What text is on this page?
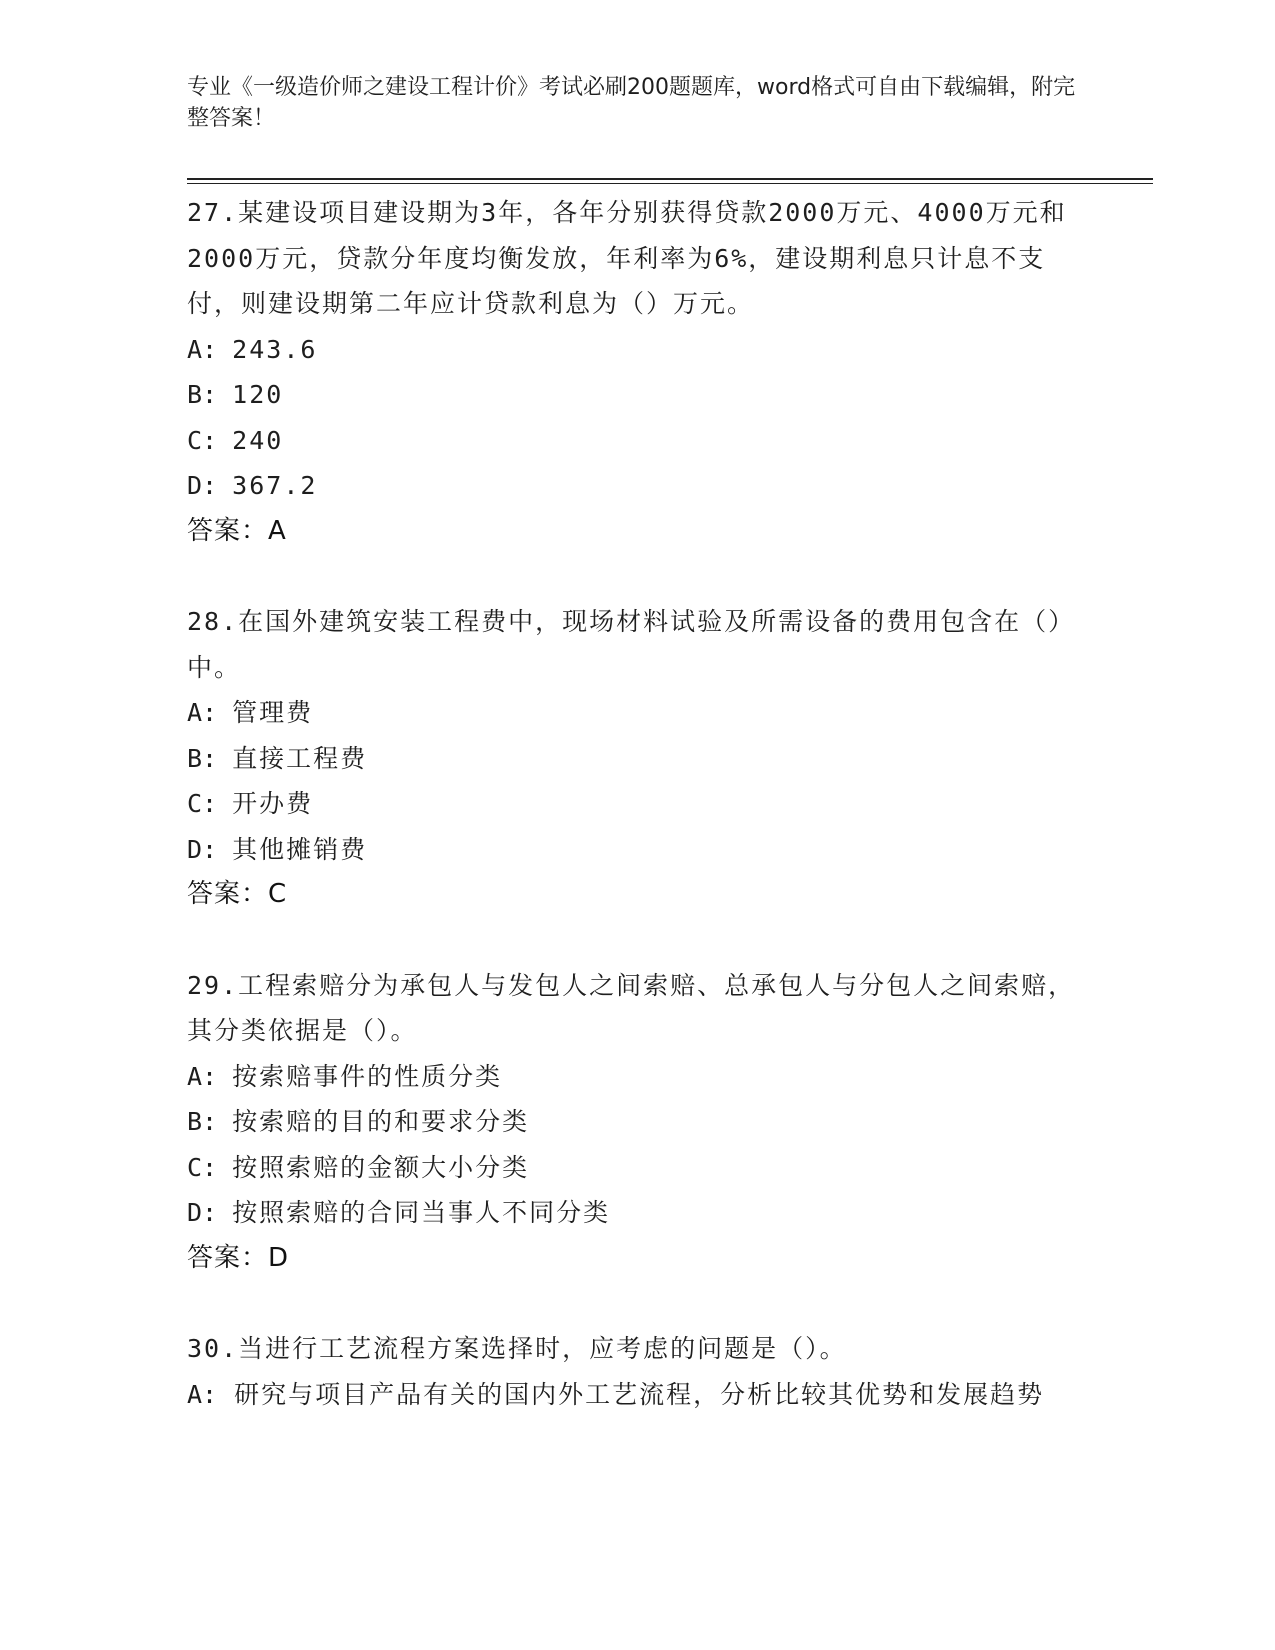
专业《一级造价师之建设工程计价》考试必刷200题题库，word格式可自由下载编辑，附完整答案！
27.某建设项目建设期为3年，各年分别获得贷款2000万元、4000万元和2000万元，贷款分年度均衡发放，年利率为6%，建设期利息只计息不支付，则建设期第二年应计贷款利息为（）万元。
A: 243.6
B: 120
C: 240
D: 367.2
答案：A
28.在国外建筑安装工程费中，现场材料试验及所需设备的费用包含在（）中。
A: 管理费
B: 直接工程费
C: 开办费
D: 其他摊销费
答案：C
29.工程索赔分为承包人与发包人之间索赔、总承包人与分包人之间索赔，其分类依据是（）。
A: 按索赔事件的性质分类
B: 按索赔的目的和要求分类
C: 按照索赔的金额大小分类
D: 按照索赔的合同当事人不同分类
答案：D
30.当进行工艺流程方案选择时，应考虑的问题是（）。
A: 研究与项目产品有关的国内外工艺流程，分析比较其优势和发展趋势
